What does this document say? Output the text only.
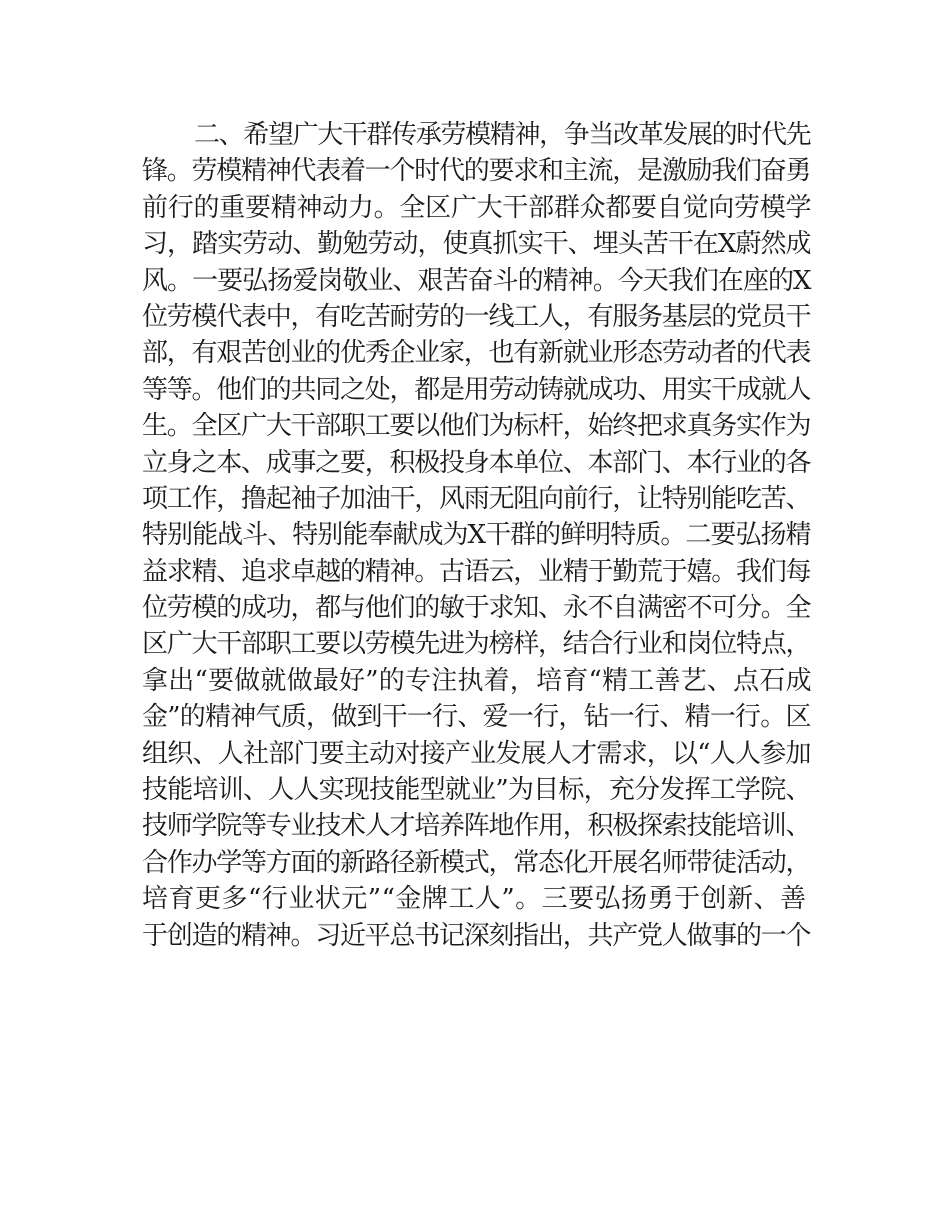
二、希望广大干群传承劳模精神，争当改革发展的时代先
锋。劳模精神代表着一个时代的要求和主流，是激励我们奋勇
前行的重要精神动力。全区广大干部群众都要自觉向劳模学
习，踏实劳动、勤勉劳动，使真抓实干、埋头苦干在X蔚然成
风。一要弘扬爱岗敬业、艰苦奋斗的精神。今天我们在座的X
位劳模代表中，有吃苦耐劳的一线工人，有服务基层的党员干
部，有艰苦创业的优秀企业家，也有新就业形态劳动者的代表
等等。他们的共同之处，都是用劳动铸就成功、用实干成就人
生。全区广大干部职工要以他们为标杆，始终把求真务实作为
立身之本、成事之要，积极投身本单位、本部门、本行业的各
项工作，撸起袖子加油干，风雨无阻向前行，让特别能吃苦、
特别能战斗、特别能奉献成为X干群的鲜明特质。二要弘扬精
益求精、追求卓越的精神。古语云，业精于勤荒于嬉。我们每
位劳模的成功，都与他们的敏于求知、永不自满密不可分。全
区广大干部职工要以劳模先进为榜样，结合行业和岗位特点，
拿出“要做就做最好”的专注执着，培育“精工善艺、点石成
金”的精神气质，做到干一行、爱一行，钻一行、精一行。区
组织、人社部门要主动对接产业发展人才需求，以“人人参加
技能培训、人人实现技能型就业”为目标，充分发挥工学院、
技师学院等专业技术人才培养阵地作用，积极探索技能培训、
合作办学等方面的新路径新模式，常态化开展名师带徒活动，
培育更多“行业状元”“金牌工人”。三要弘扬勇于创新、善
于创造的精神。习近平总书记深刻指出，共产党人做事的一个
